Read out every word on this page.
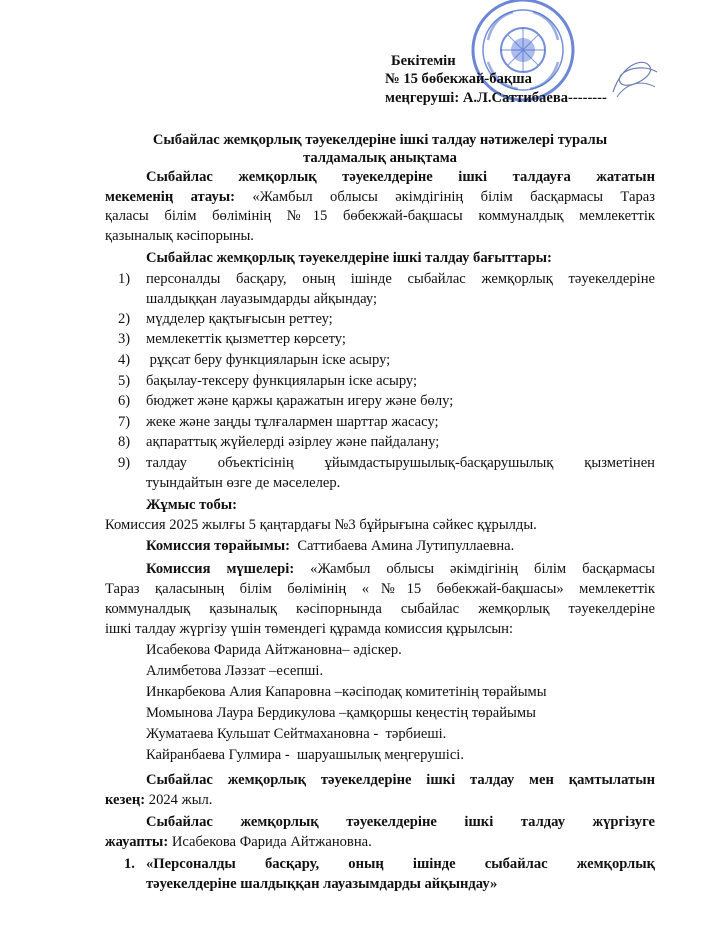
Бекітемін
№ 15 бөбекжай-бақша
меңгеруші: А.Л.Саттибаева--------
Сыбайлас жемқорлық тәуекелдеріне ішкі талдау нәтижелері туралы
талдамалық анықтама
Сыбайлас жемқорлық тәуекелдеріне ішкі талдауға жататын
мекеменің атауы: «Жамбыл облысы әкімдігінің білім басқармасы Тараз
қаласы білім бөлімінің №15 бөбекжай-бақшасы коммуналдық мемлекеттік
қазыналық кәсіпорыны.
Сыбайлас жемқорлық тәуекелдеріне ішкі талдау бағыттары:
1) персоналды басқару, оның ішінде сыбайлас жемқорлық тәуекелдеріне
шалдыққан лауазымдарды айқындау;
2) мүдделер қақтығысын реттеу;
3) мемлекеттік қызметтер көрсету;
4) рұқсат беру функцияларын іске асыру;
5) бақылау-тексеру функцияларын іске асыру;
6) бюджет және қаржы қаражатын игеру және бөлу;
7) жеке және заңды тұлғалармен шарттар жасасу;
8) ақпараттық жүйелерді әзірлеу және пайдалану;
9) талдау объектісінің ұйымдастырушылық-басқарушылық қызметінен
туындайтын өзге де мәселелер.
Жұмыс тобы:
Комиссия 2025 жылғы 5 қаңтардағы №3 бұйрығына сәйкес құрылды.
Комиссия төрайымы:  Саттибаева Амина Лутипуллаевна.
Комиссия мүшелері: «Жамбыл облысы әкімдігінің білім басқармасы
Тараз қаласының білім бөлімінің «№15 бөбекжай-бақшасы» мемлекеттік
коммуналдық қазыналық кәсіпорнында сыбайлас жемқорлық тәуекелдеріне
ішкі талдау жүргізу үшін төмендегі құрамда комиссия құрылсын:
Исабекова Фарида Айтжановна– әдіскер.
Алимбетова Ләззат –есепші.
Инкарбекова Алия Капаровна –кәсіподақ комитетінің төрайымы
Момынова Лаура Бердикулова –қамқоршы кеңестің төрайымы
Жуматаева Кульшат Сейтмахановна -  тәрбиеші.
Кайранбаева Гулмира -  шаруашылық меңгерушісі.
Сыбайлас жемқорлық тәуекелдеріне ішкі талдау мен қамтылатын
кезең: 2024 жыл.
Сыбайлас жемқорлық тәуекелдеріне ішкі талдау жүргізуге
жауапты: Исабекова Фарида Айтжановна.
1. «Персоналды басқару, оның ішінде сыбайлас жемқорлық
тәуекелдеріне шалдыққан лауазымдарды айқындау»
